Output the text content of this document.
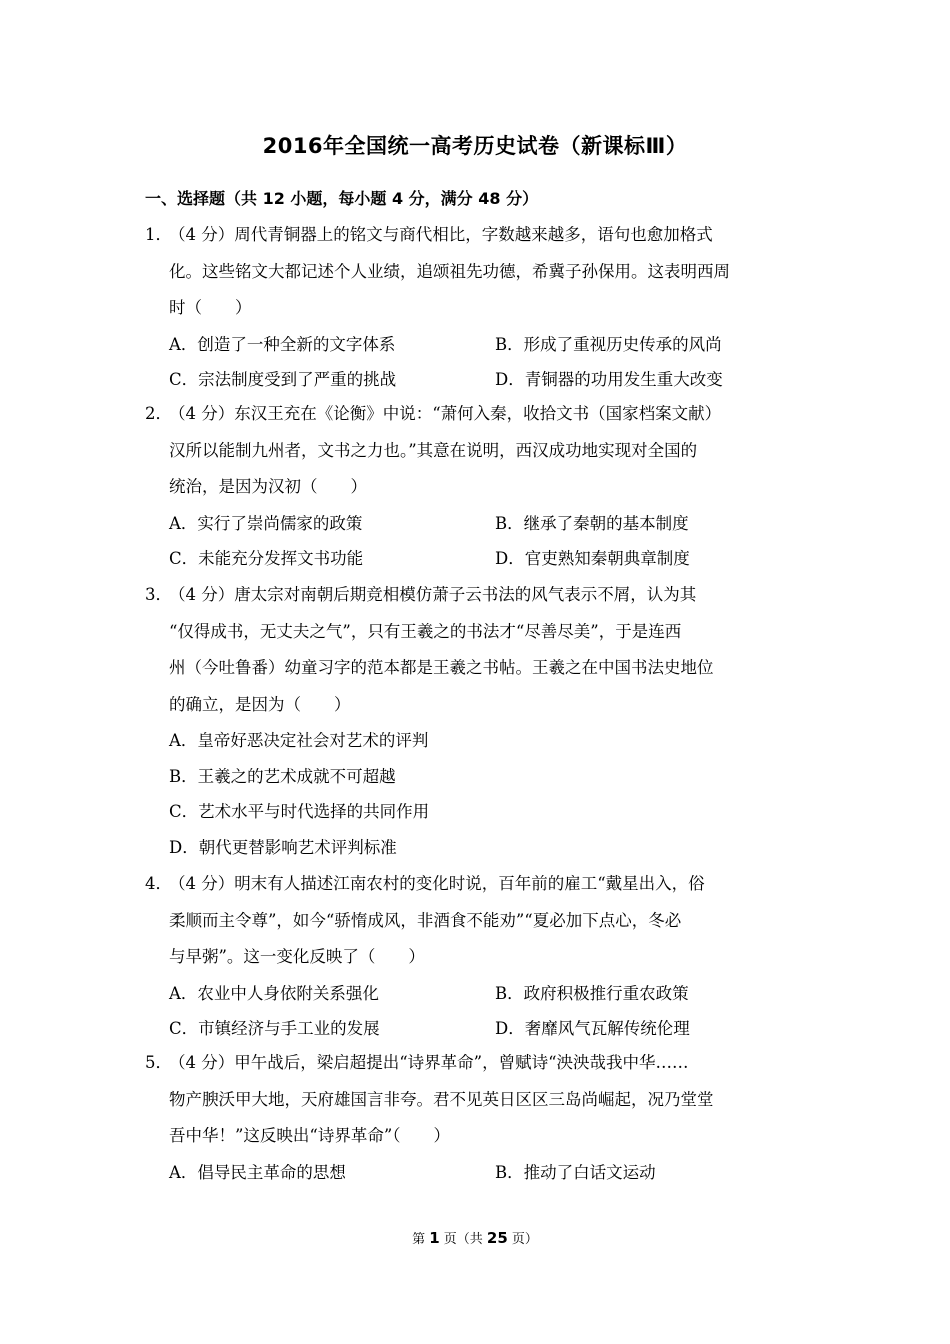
2016年全国统一高考历史试卷（新课标Ⅲ）
一、选择题（共 12 小题，每小题 4 分，满分 48 分）
1．（4 分）周代青铜器上的铭文与商代相比，字数越来越多，语句也愈加格式
化。这些铭文大都记述个人业绩，追颂祖先功德，希冀子孙保用。这表明西周
时（　　）
A．创造了一种全新的文字体系	B．形成了重视历史传承的风尚
C．宗法制度受到了严重的挑战	D．青铜器的功用发生重大改变
2．（4 分）东汉王充在《论衡》中说：“萧何入秦，收拾文书（国家档案文献）
汉所以能制九州者，文书之力也。”其意在说明，西汉成功地实现对全国的
统治，是因为汉初（　　）
A．实行了崇尚儒家的政策	B．继承了秦朝的基本制度
C．未能充分发挥文书功能	D．官吏熟知秦朝典章制度
3．（4 分）唐太宗对南朝后期竞相模仿萧子云书法的风气表示不屑，认为其
“仅得成书，无丈夫之气”，只有王羲之的书法才“尽善尽美”，于是连西
州（今吐鲁番）幼童习字的范本都是王羲之书帖。王羲之在中国书法史地位
的确立，是因为（　　）
A．皇帝好恶决定社会对艺术的评判
B．王羲之的艺术成就不可超越
C．艺术水平与时代选择的共同作用
D．朝代更替影响艺术评判标准
4．（4 分）明末有人描述江南农村的变化时说，百年前的雇工“戴星出入，俗
柔顺而主令尊”，如今“骄惰成风，非酒食不能劝”“夏必加下点心，冬必
与早粥”。这一变化反映了（　　）
A．农业中人身依附关系强化	B．政府积极推行重农政策
C．市镇经济与手工业的发展	D．奢靡风气瓦解传统伦理
5．（4 分）甲午战后，梁启超提出“诗界革命”，曾赋诗“泱泱哉我中华……
物产腴沃甲大地，天府雄国言非夸。君不见英日区区三岛尚崛起，况乃堂堂
吾中华！”这反映出“诗界革命”（　　）
A．倡导民主革命的思想	B．推动了白话文运动
第 1 页（共 25 页）
